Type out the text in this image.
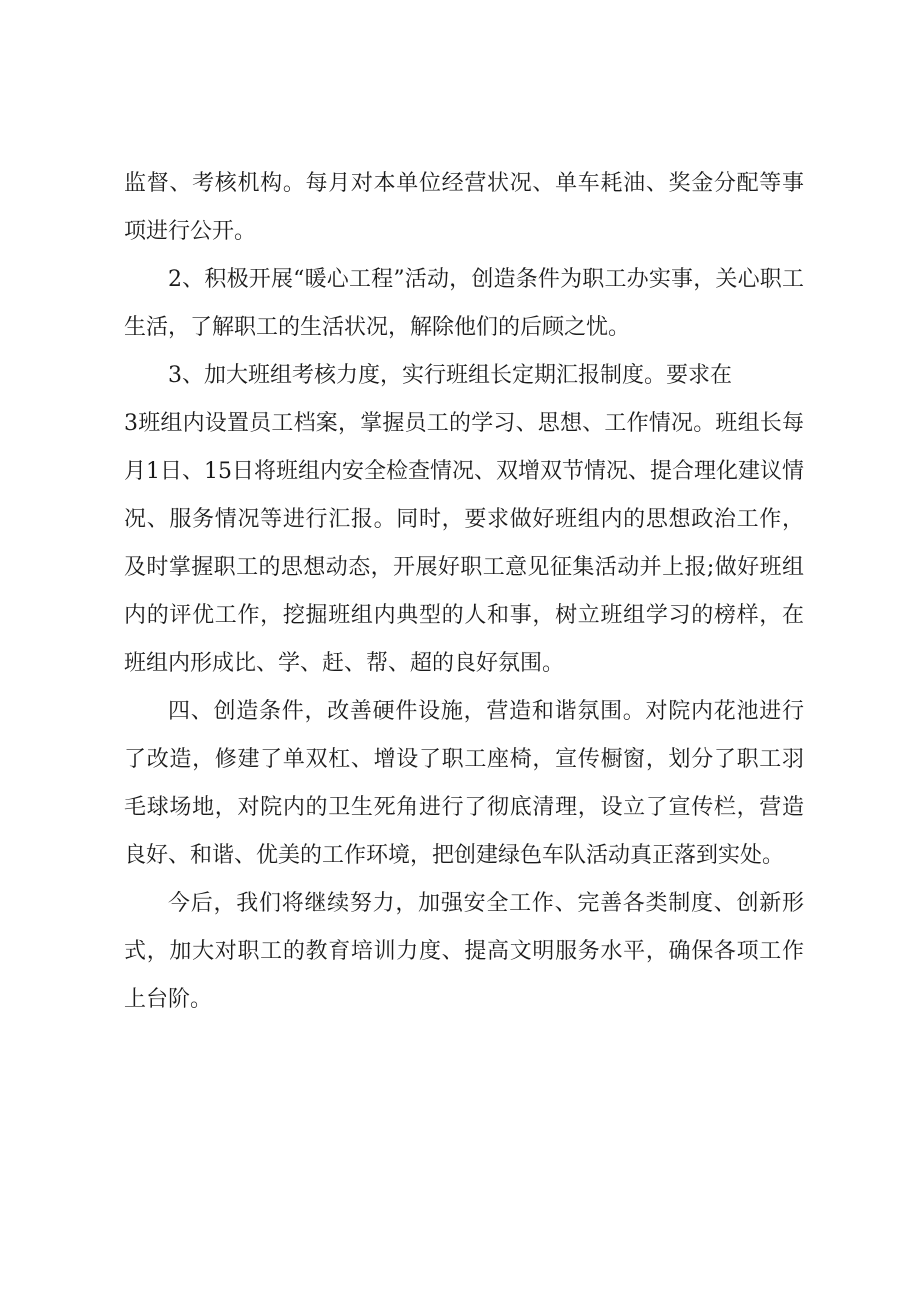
监督、考核机构。每月对本单位经营状况、单车耗油、奖金分配等事项进行公开。

2、积极开展“暖心工程”活动，创造条件为职工办实事，关心职工生活，了解职工的生活状况，解除他们的后顾之忧。

3、加大班组考核力度，实行班组长定期汇报制度。要求在

3班组内设置员工档案，掌握员工的学习、思想、工作情况。班组长每月1日、15日将班组内安全检查情况、双增双节情况、提合理化建议情况、服务情况等进行汇报。同时，要求做好班组内的思想政治工作，及时掌握职工的思想动态，开展好职工意见征集活动并上报;做好班组内的评优工作，挖掘班组内典型的人和事，树立班组学习的榜样，在班组内形成比、学、赶、帮、超的良好氛围。

四、创造条件，改善硬件设施，营造和谐氛围。对院内花池进行了改造，修建了单双杠、增设了职工座椅，宣传橱窗，划分了职工羽毛球场地，对院内的卫生死角进行了彻底清理，设立了宣传栏，营造良好、和谐、优美的工作环境，把创建绿色车队活动真正落到实处。

今后，我们将继续努力，加强安全工作、完善各类制度、创新形式，加大对职工的教育培训力度、提高文明服务水平，确保各项工作上台阶。
